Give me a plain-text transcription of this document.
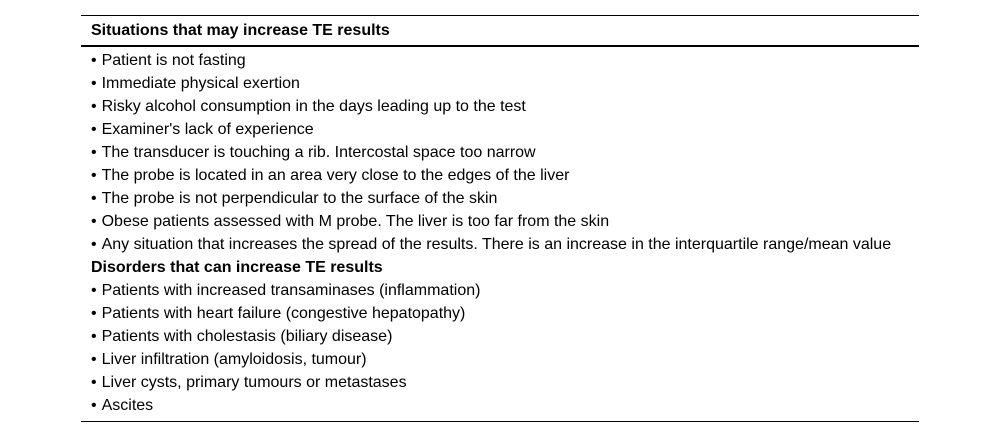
Situations that may increase TE results
• Patient is not fasting
• Immediate physical exertion
• Risky alcohol consumption in the days leading up to the test
• Examiner's lack of experience
• The transducer is touching a rib. Intercostal space too narrow
• The probe is located in an area very close to the edges of the liver
• The probe is not perpendicular to the surface of the skin
• Obese patients assessed with M probe. The liver is too far from the skin
• Any situation that increases the spread of the results. There is an increase in the interquartile range/mean value
Disorders that can increase TE results
• Patients with increased transaminases (inflammation)
• Patients with heart failure (congestive hepatopathy)
• Patients with cholestasis (biliary disease)
• Liver infiltration (amyloidosis, tumour)
• Liver cysts, primary tumours or metastases
• Ascites
